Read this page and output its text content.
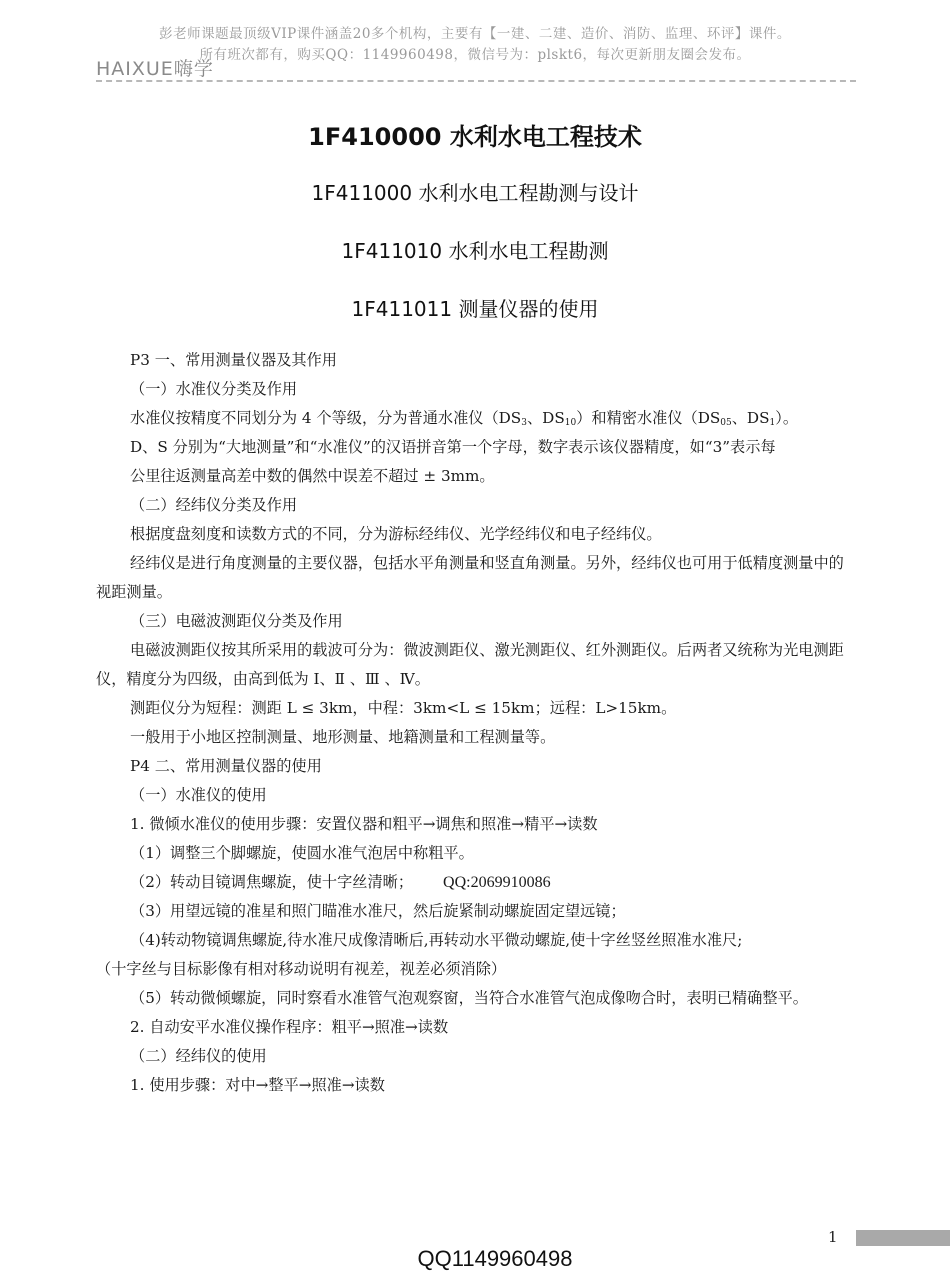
彭老师课题最顶级VIP课件涵盖20多个机构，主要有【一建、二建、造价、消防、监理、环评】课件。
所有班次都有，购买QQ：1149960498，微信号为：plskt6，每次更新朋友圈会发布。
HAIXUE嗨学
1F410000 水利水电工程技术
1F411000 水利水电工程勘测与设计
1F411010 水利水电工程勘测
1F411011 测量仪器的使用

P3 一、常用测量仪器及其作用

（一）水准仪分类及作用

水准仪按精度不同划分为 4 个等级，分为普通水准仪（$DS_3$、$DS_{10}$）和精密水准仪（$DS_{05}$、$DS_1$）。

D、S 分别为“大地测量”和“水准仪”的汉语拼音第一个字母，数字表示该仪器精度，如“3”表示每

公里往返测量高差中数的偶然中误差不超过 ± 3mm。

（二）经纬仪分类及作用

根据度盘刻度和读数方式的不同，分为游标经纬仪、光学经纬仪和电子经纬仪。

经纬仪是进行角度测量的主要仪器，包括水平角测量和竖直角测量。另外，经纬仪也可用于低精度测量中的视距测量。

（三）电磁波测距仪分类及作用

电磁波测距仪按其所采用的载波可分为：微波测距仪、激光测距仪、红外测距仪。后两者又统称为光电测距仪，精度分为四级，由高到低为 I、Ⅱ 、Ⅲ 、Ⅳ。

测距仪分为短程：测距 L ≤ 3km，中程：3km<L ≤ 15km；远程：L>15km。

一般用于小地区控制测量、地形测量、地籍测量和工程测量等。

P4 二、常用测量仪器的使用

（一）水准仪的使用

1. 微倾水准仪的使用步骤：安置仪器和粗平→调焦和照准→精平→读数

（1）调整三个脚螺旋，使圆水准气泡居中称粗平。

（2）转动目镜调焦螺旋，使十字丝清晰； QQ:2069910086

（3）用望远镜的准星和照门瞄准水准尺，然后旋紧制动螺旋固定望远镜；

（4)转动物镜调焦螺旋,待水准尺成像清晰后,再转动水平微动螺旋,使十字丝竖丝照准水准尺;

（十字丝与目标影像有相对移动说明有视差，视差必须消除）

（5）转动微倾螺旋，同时察看水准管气泡观察窗，当符合水准管气泡成像吻合时，表明已精确整平。

2. 自动安平水准仪操作程序：粗平→照准→读数

（二）经纬仪的使用

1. 使用步骤：对中→整平→照准→读数

1
QQ1149960498
